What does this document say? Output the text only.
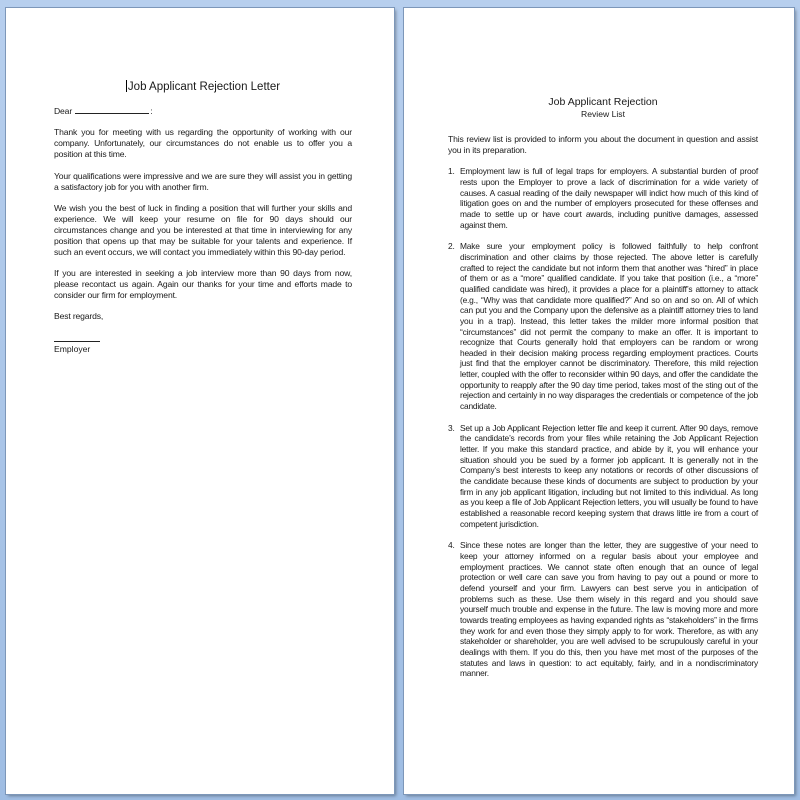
Job Applicant Rejection Letter

Dear	:

Thank you for meeting with us regarding the opportunity of working with our company. Unfortunately, our circumstances do not enable us to offer you a position at this time.

Your qualifications were impressive and we are sure they will assist you in getting a satisfactory job for you with another firm.

We wish you the best of luck in finding a position that will further your skills and experience. We will keep your resume on file for 90 days should our circumstances change and you be interested at that time in interviewing for any position that opens up that may be suitable for your talents and experience. If such an event occurs, we will contact you immediately within this 90-day period.

If you are interested in seeking a job interview more than 90 days from now, please recontact us again. Again our thanks for your time and efforts made to consider our firm for employment.

Best regards,

Employer
Job Applicant Rejection
Review List

This review list is provided to inform you about the document in question and assist you in its preparation.

1. Employment law is full of legal traps for employers. A substantial burden of proof rests upon the Employer to prove a lack of discrimination for a wide variety of causes. A casual reading of the daily newspaper will indict how much of this kind of litigation goes on and the number of employers prosecuted for these offenses and made to settle up or have court awards, including punitive damages, assessed against them.
2. Make sure your employment policy is followed faithfully to help confront discrimination and other claims by those rejected. The above letter is carefully crafted to reject the candidate but not inform them that another was “hired” in place of them or as a “more” qualified candidate. If you take that position (i.e., a “more” qualified candidate was hired), it provides a place for a plaintiff’s attorney to attack (e.g., “Why was that candidate more qualified?” And so on and so on. All of which can put you and the Company upon the defensive as a plaintiff attorney tries to land you in a trap). Instead, this letter takes the milder more informal position that “circumstances” did not permit the company to make an offer. It is important to recognize that Courts generally hold that employers can be random or wrong headed in their decision making process regarding employment practices. Courts just find that the employer cannot be discriminatory. Therefore, this mild rejection letter, coupled with the offer to reconsider within 90 days, and offer the candidate the opportunity to reapply after the 90 day time period, takes most of the sting out of the rejection and certainly in no way disparages the credentials or competence of the job candidate.
3. Set up a Job Applicant Rejection letter file and keep it current. After 90 days, remove the candidate’s records from your files while retaining the Job Applicant Rejection letter. If you make this standard practice, and abide by it, you will enhance your situation should you be sued by a former job applicant. It is generally not in the Company’s best interests to keep any notations or records of other discussions of the candidate because these kinds of documents are subject to production by your firm in any job applicant litigation, including but not limited to this individual. As long as you keep a file of Job Applicant Rejection letters, you will usually be found to have established a reasonable record keeping system that draws little ire from a court of competent jurisdiction.
4. Since these notes are longer than the letter, they are suggestive of your need to keep your attorney informed on a regular basis about your employee and employment practices. We cannot state often enough that an ounce of legal protection or well care can save you from having to pay out a pound or more to defend yourself and your firm. Lawyers can best serve you in anticipation of problems such as these. Use them wisely in this regard and you should save yourself much trouble and expense in the future. The law is moving more and more towards treating employees as having expanded rights as “stakeholders” in the firms they work for and even those they simply apply to for work. Therefore, as with any stakeholder or shareholder, you are well advised to be scrupulously careful in your dealings with them. If you do this, then you have met most of the purposes of the statutes and laws in question: to act equitably, fairly, and in a nondiscriminatory manner.
